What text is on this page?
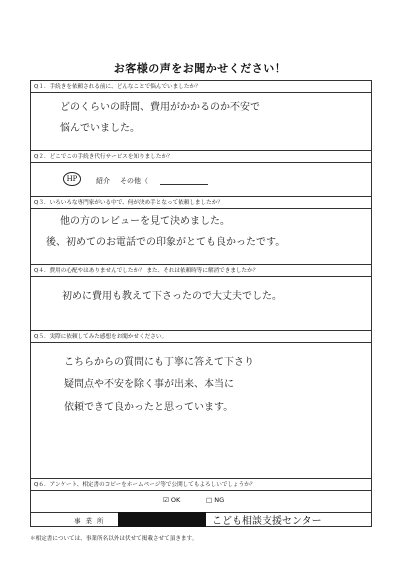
お客様の声をお聞かせください！
Q１．手続きを依頼される前に、どんなことで悩んでいましたか？
どのくらいの時間、費用がかかるのか不安で
悩んでいました。
Q２．どこでこの手続き代行サービスを知りましたか？
HP	紹介 その他（
Q３．いろいろな専門家がいる中で、何が決め手となって依頼しましたか？
他の方のレビューを見て決めました。
後、初めてのお電話での印象がとても良かったです。
Q４．費用の心配やはありませんでしたか？ また、それは依頼時等に解消できましたか？
初めに費用も教えて下さったので大丈夫でした。
Q５．実際に依頼してみた感想をお聞かせください。
こちらからの質問にも丁寧に答えて下さり
疑問点や不安を除く事が出来、本当に
依頼できて良かったと思っています。
Q６．アンケート、相定書のコピーをホームページ等で公開してもよろしいでしょうか？
☑ OK	□ NG
事業所	こども相談支援センター
＊相定書については、事業所名以外は伏せて掲載させて頂きます。
